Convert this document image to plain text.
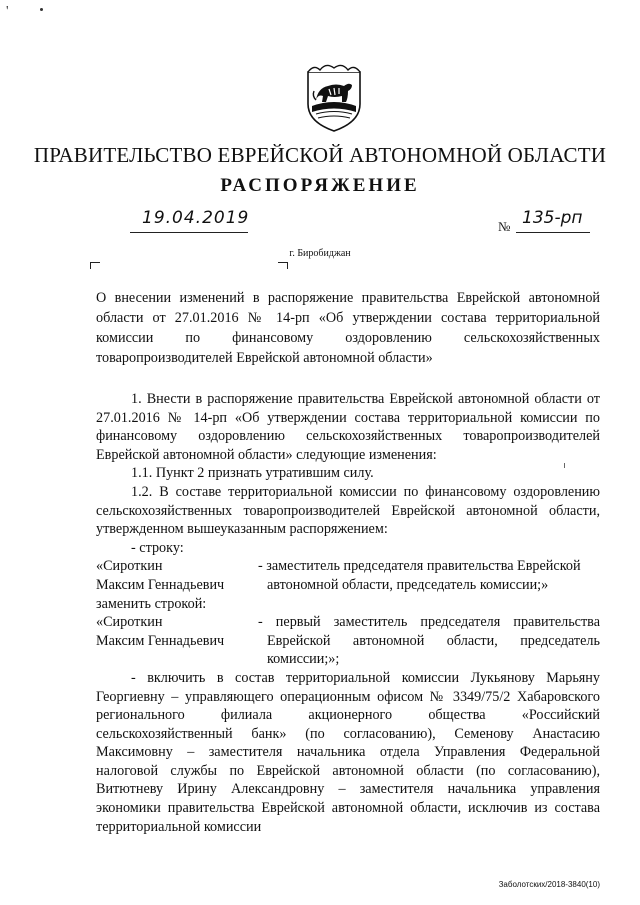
'
ПРАВИТЕЛЬСТВО ЕВРЕЙСКОЙ АВТОНОМНОЙ ОБЛАСТИ
РАСПОРЯЖЕНИЕ
19.04.2019	№ 135-рп
г. Биробиджан
О внесении изменений в распоряжение правительства Еврейской автономной области от 27.01.2016 № 14-рп «Об утверждении состава территориальной комиссии по финансовому оздоровлению сельскохозяйственных товаропроизводителей Еврейской автономной области»

1. Внести в распоряжение правительства Еврейской автономной области от 27.01.2016 № 14-рп «Об утверждении состава территориальной комиссии по финансовому оздоровлению сельскохозяйственных товаропроизводителей Еврейской автономной области» следующие изменения:

1.1. Пункт 2 признать утратившим силу.

1.2. В составе территориальной комиссии по финансовому оздоровлению сельскохозяйственных товаропроизводителей Еврейской автономной области, утвержденном вышеуказанным распоряжением:

- строку:

«Сироткин

Максим Геннадьевич

- заместитель председателя правительства Еврейской

автономной области, председатель комиссии;»

заменить строкой:

«Сироткин

Максим Геннадьевич

- первый заместитель председателя правительства Еврейской автономной области, председатель комиссии;»;

- включить в состав территориальной комиссии Лукьянову Марьяну Георгиевну – управляющего операционным офисом № 3349/75/2 Хабаровского регионального филиала акционерного общества «Российский сельскохозяйственный банк» (по согласованию), Семенову Анастасию Максимовну – заместителя начальника отдела Управления Федеральной налоговой службы по Еврейской автономной области (по согласованию), Витютневу Ирину Александровну – заместителя начальника управления экономики правительства Еврейской автономной области, исключив из состава территориальной комиссии

Заболотских/2018-3840(10)
